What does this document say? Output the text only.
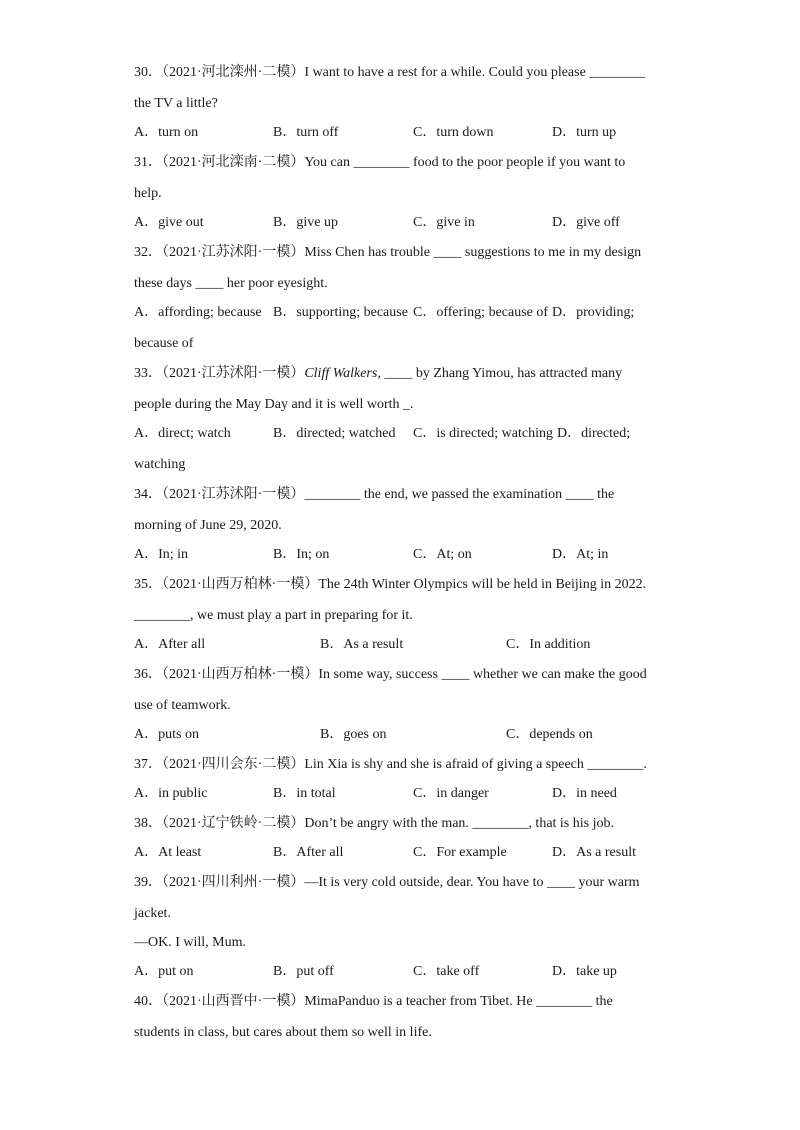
30．（2021·河北滦州·二模）I want to have a rest for a while. Could you please ________
the TV a little?
A．turn on	B．turn off	C．turn down	D．turn up
31．（2021·河北滦南·二模）You can ________ food to the poor people if you want to
help.
A．give out	B．give up	C．give in	D．give off
32．（2021·江苏沭阳·一模）Miss Chen has trouble ____ suggestions to me in my design
these days ____ her poor eyesight.
A．affording; because B．supporting; because C．offering; because of D．providing;
because of
33．（2021·江苏沭阳·一模）Cliff Walkers, ____ by Zhang Yimou, has attracted many
people during the May Day and it is well worth _.
A．direct; watch	B．directed; watched C．is directed; watching D．directed;
watching
34．（2021·江苏沭阳·一模）________ the end, we passed the examination ____ the
morning of June 29, 2020.
A．In; in	B．In; on	C．At; on	D．At; in
35．（2021·山西万柏林·一模）The 24th Winter Olympics will be held in Beijing in 2022.
________, we must play a part in preparing for it.
A．After all	B．As a result	C．In addition
36．（2021·山西万柏林·一模）In some way, success ____ whether we can make the good
use of teamwork.
A．puts on	B．goes on	C．depends on
37．（2021·四川会东·二模）Lin Xia is shy and she is afraid of giving a speech ________.
A．in public	B．in total	C．in danger	D．in need
38．（2021·辽宁铁岭·二模）Don’t be angry with the man. ________, that is his job.
A．At least	B．After all	C．For example	D．As a result
39．（2021·四川利州·一模）—It is very cold outside, dear. You have to ____ your warm
jacket.
—OK. I will, Mum.
A．put on	B．put off	C．take off	D．take up
40．（2021·山西晋中·一模）MimaPanduo is a teacher from Tibet. He ________ the
students in class, but cares about them so well in life.
